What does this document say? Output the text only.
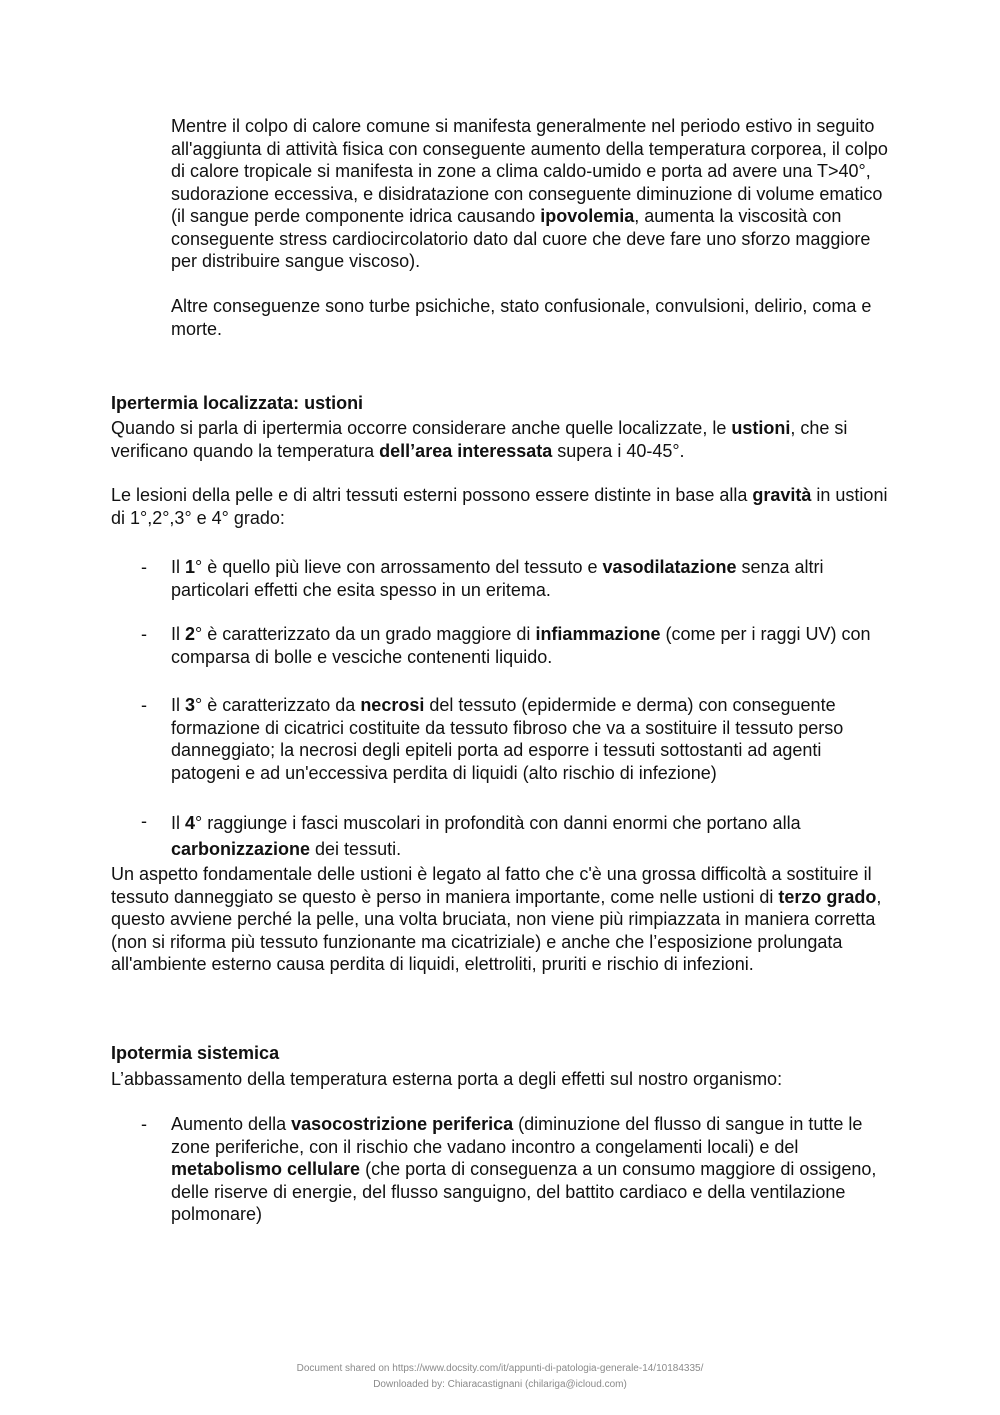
Mentre il colpo di calore comune si manifesta generalmente nel periodo estivo in seguito all'aggiunta di attività fisica con conseguente aumento della temperatura corporea, il colpo di calore tropicale si manifesta in zone a clima caldo-umido e porta ad avere una T>40°, sudorazione eccessiva, e disidratazione con conseguente diminuzione di volume ematico (il sangue perde componente idrica causando ipovolemia, aumenta la viscosità con conseguente stress cardiocircolatorio dato dal cuore che deve fare uno sforzo maggiore per distribuire sangue viscoso).

Altre conseguenze sono turbe psichiche, stato confusionale, convulsioni, delirio, coma e morte.

Ipertermia localizzata: ustioni

Quando si parla di ipertermia occorre considerare anche quelle localizzate, le ustioni, che si verificano quando la temperatura dell’area interessata supera i 40-45°.

Le lesioni della pelle e di altri tessuti esterni possono essere distinte in base alla gravità in ustioni di 1°,2°,3° e 4° grado:

- Il 1° è quello più lieve con arrossamento del tessuto e vasodilatazione senza altri particolari effetti che esita spesso in un eritema.

- Il 2° è caratterizzato da un grado maggiore di infiammazione (come per i raggi UV) con comparsa di bolle e vesciche contenenti liquido.

- Il 3° è caratterizzato da necrosi del tessuto (epidermide e derma) con conseguente formazione di cicatrici costituite da tessuto fibroso che va a sostituire il tessuto perso danneggiato; la necrosi degli epiteli porta ad esporre i tessuti sottostanti ad agenti patogeni e ad un'eccessiva perdita di liquidi (alto rischio di infezione)

- Il 4° raggiunge i fasci muscolari in profondità con danni enormi che portano alla carbonizzazione dei tessuti.

Un aspetto fondamentale delle ustioni è legato al fatto che c'è una grossa difficoltà a sostituire il tessuto danneggiato se questo è perso in maniera importante, come nelle ustioni di terzo grado, questo avviene perché la pelle, una volta bruciata, non viene più rimpiazzata in maniera corretta (non si riforma più tessuto funzionante ma cicatriziale) e anche che l’esposizione prolungata all'ambiente esterno causa perdita di liquidi, elettroliti, pruriti e rischio di infezioni.

Ipotermia sistemica

L’abbassamento della temperatura esterna porta a degli effetti sul nostro organismo:

- Aumento della vasocostrizione periferica (diminuzione del flusso di sangue in tutte le zone periferiche, con il rischio che vadano incontro a congelamenti locali) e del metabolismo cellulare (che porta di conseguenza a un consumo maggiore di ossigeno, delle riserve di energie, del flusso sanguigno, del battito cardiaco e della ventilazione polmonare)

Document shared on https://www.docsity.com/it/appunti-di-patologia-generale-14/10184335/
Downloaded by: Chiaracastignani (chilariga@icloud.com)
